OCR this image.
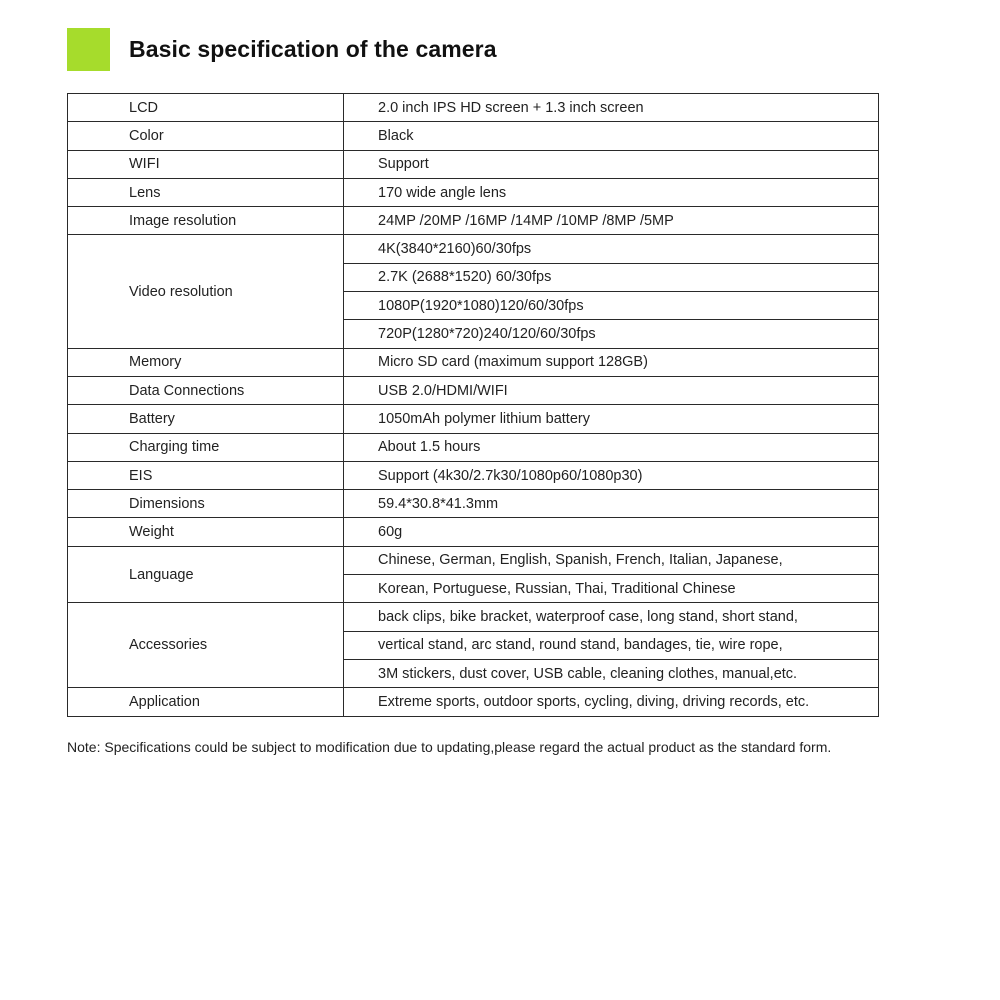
Basic specification of the camera
LCD	2.0 inch IPS HD screen + 1.3 inch screen
Color	Black
WIFI	Support
Lens	170 wide angle lens
Image resolution	24MP /20MP /16MP /14MP /10MP /8MP /5MP
Video resolution	4K(3840*2160)60/30fps
	2.7K (2688*1520) 60/30fps
	1080P(1920*1080)120/60/30fps
	720P(1280*720)240/120/60/30fps
Memory	Micro SD card (maximum support 128GB)
Data Connections	USB 2.0/HDMI/WIFI
Battery	1050mAh polymer lithium battery
Charging time	About 1.5 hours
EIS	Support (4k30/2.7k30/1080p60/1080p30)
Dimensions	59.4*30.8*41.3mm
Weight	60g
Language	Chinese, German, English, Spanish, French, Italian, Japanese,
	Korean, Portuguese, Russian, Thai, Traditional Chinese
Accessories	back clips, bike bracket, waterproof case, long stand, short stand,
	vertical stand, arc stand, round stand, bandages, tie, wire rope,
	3M stickers, dust cover, USB cable, cleaning clothes, manual,etc.
Application	Extreme sports, outdoor sports, cycling, diving, driving records, etc.
Note: Specifications could be subject to modification due to updating,please regard the actual product as the standard form.
